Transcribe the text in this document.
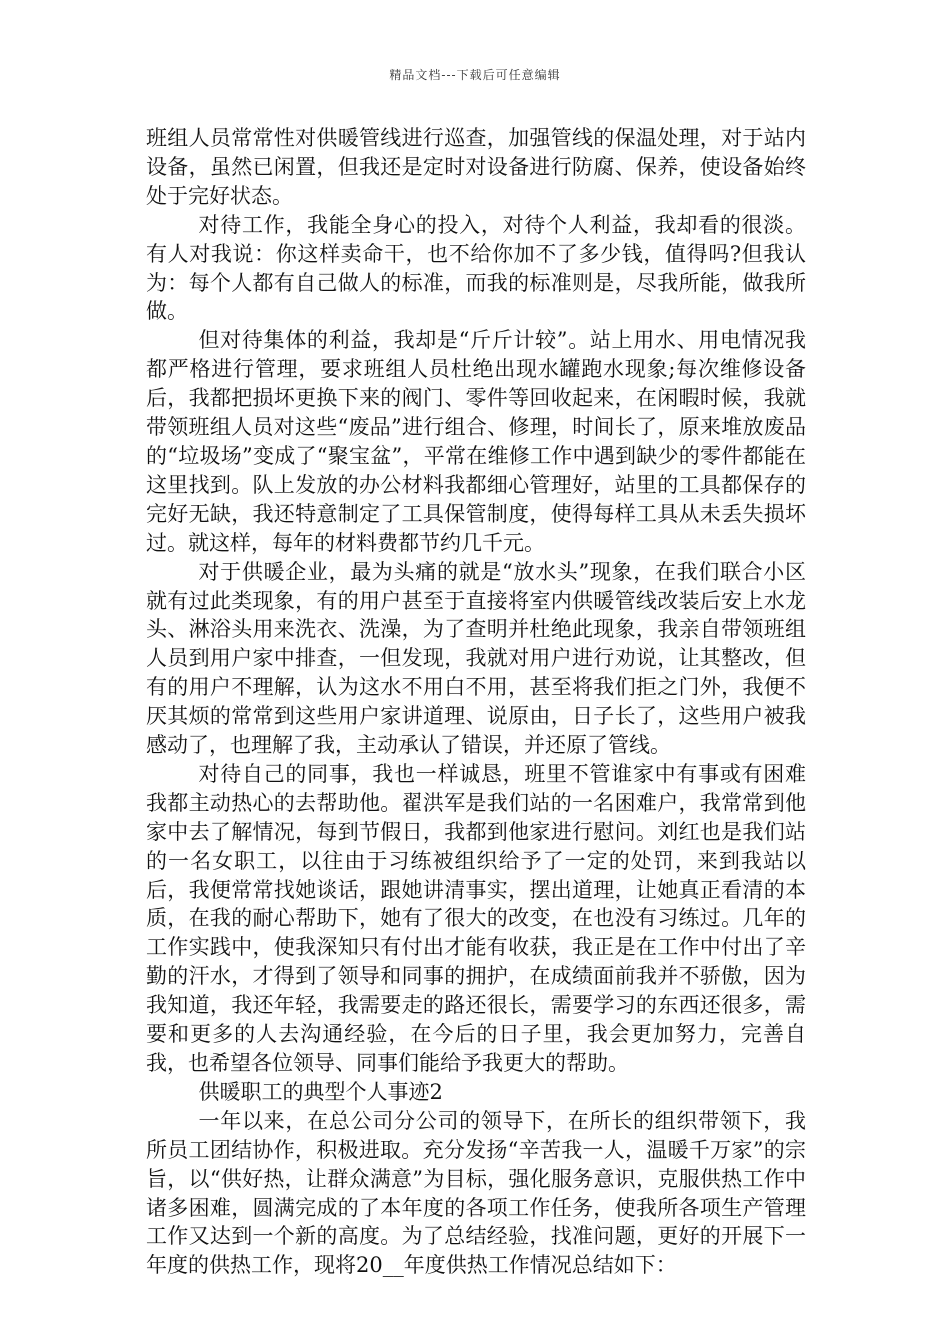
精品文档---下载后可任意编辑

班组人员常常性对供暖管线进行巡查，加强管线的保温处理，对于站内设备，虽然已闲置，但我还是定时对设备进行防腐、保养，使设备始终处于完好状态。

对待工作，我能全身心的投入，对待个人利益，我却看的很淡。有人对我说：你这样卖命干，也不给你加不了多少钱，值得吗?但我认为：每个人都有自己做人的标准，而我的标准则是，尽我所能，做我所做。

但对待集体的利益，我却是“斤斤计较”。站上用水、用电情况我都严格进行管理，要求班组人员杜绝出现水罐跑水现象;每次维修设备后，我都把损坏更换下来的阀门、零件等回收起来，在闲暇时候，我就带领班组人员对这些“废品”进行组合、修理，时间长了，原来堆放废品的“垃圾场”变成了“聚宝盆”，平常在维修工作中遇到缺少的零件都能在这里找到。队上发放的办公材料我都细心管理好，站里的工具都保存的完好无缺，我还特意制定了工具保管制度，使得每样工具从未丢失损坏过。就这样，每年的材料费都节约几千元。

对于供暖企业，最为头痛的就是“放水头”现象，在我们联合小区就有过此类现象，有的用户甚至于直接将室内供暖管线改装后安上水龙头、淋浴头用来洗衣、洗澡，为了查明并杜绝此现象，我亲自带领班组人员到用户家中排查，一但发现，我就对用户进行劝说，让其整改，但有的用户不理解，认为这水不用白不用，甚至将我们拒之门外，我便不厌其烦的常常到这些用户家讲道理、说原由，日子长了，这些用户被我感动了，也理解了我，主动承认了错误，并还原了管线。

对待自己的同事，我也一样诚恳，班里不管谁家中有事或有困难我都主动热心的去帮助他。翟洪军是我们站的一名困难户，我常常到他家中去了解情况，每到节假日，我都到他家进行慰问。刘红也是我们站的一名女职工，以往由于习练被组织给予了一定的处罚，来到我站以后，我便常常找她谈话，跟她讲清事实，摆出道理，让她真正看清的本质，在我的耐心帮助下，她有了很大的改变，在也没有习练过。几年的工作实践中，使我深知只有付出才能有收获，我正是在工作中付出了辛勤的汗水，才得到了领导和同事的拥护，在成绩面前我并不骄傲，因为我知道，我还年轻，我需要走的路还很长，需要学习的东西还很多，需要和更多的人去沟通经验，在今后的日子里，我会更加努力，完善自我，也希望各位领导、同事们能给予我更大的帮助。

供暖职工的典型个人事迹2

一年以来，在总公司分公司的领导下，在所长的组织带领下，我所员工团结协作，积极进取。充分发扬“辛苦我一人，温暖千万家”的宗旨，以“供好热，让群众满意”为目标，强化服务意识，克服供热工作中诸多困难，圆满完成的了本年度的各项工作任务，使我所各项生产管理工作又达到一个新的高度。为了总结经验，找准问题，更好的开展下一年度的供热工作，现将20__年度供热工作情况总结如下：
